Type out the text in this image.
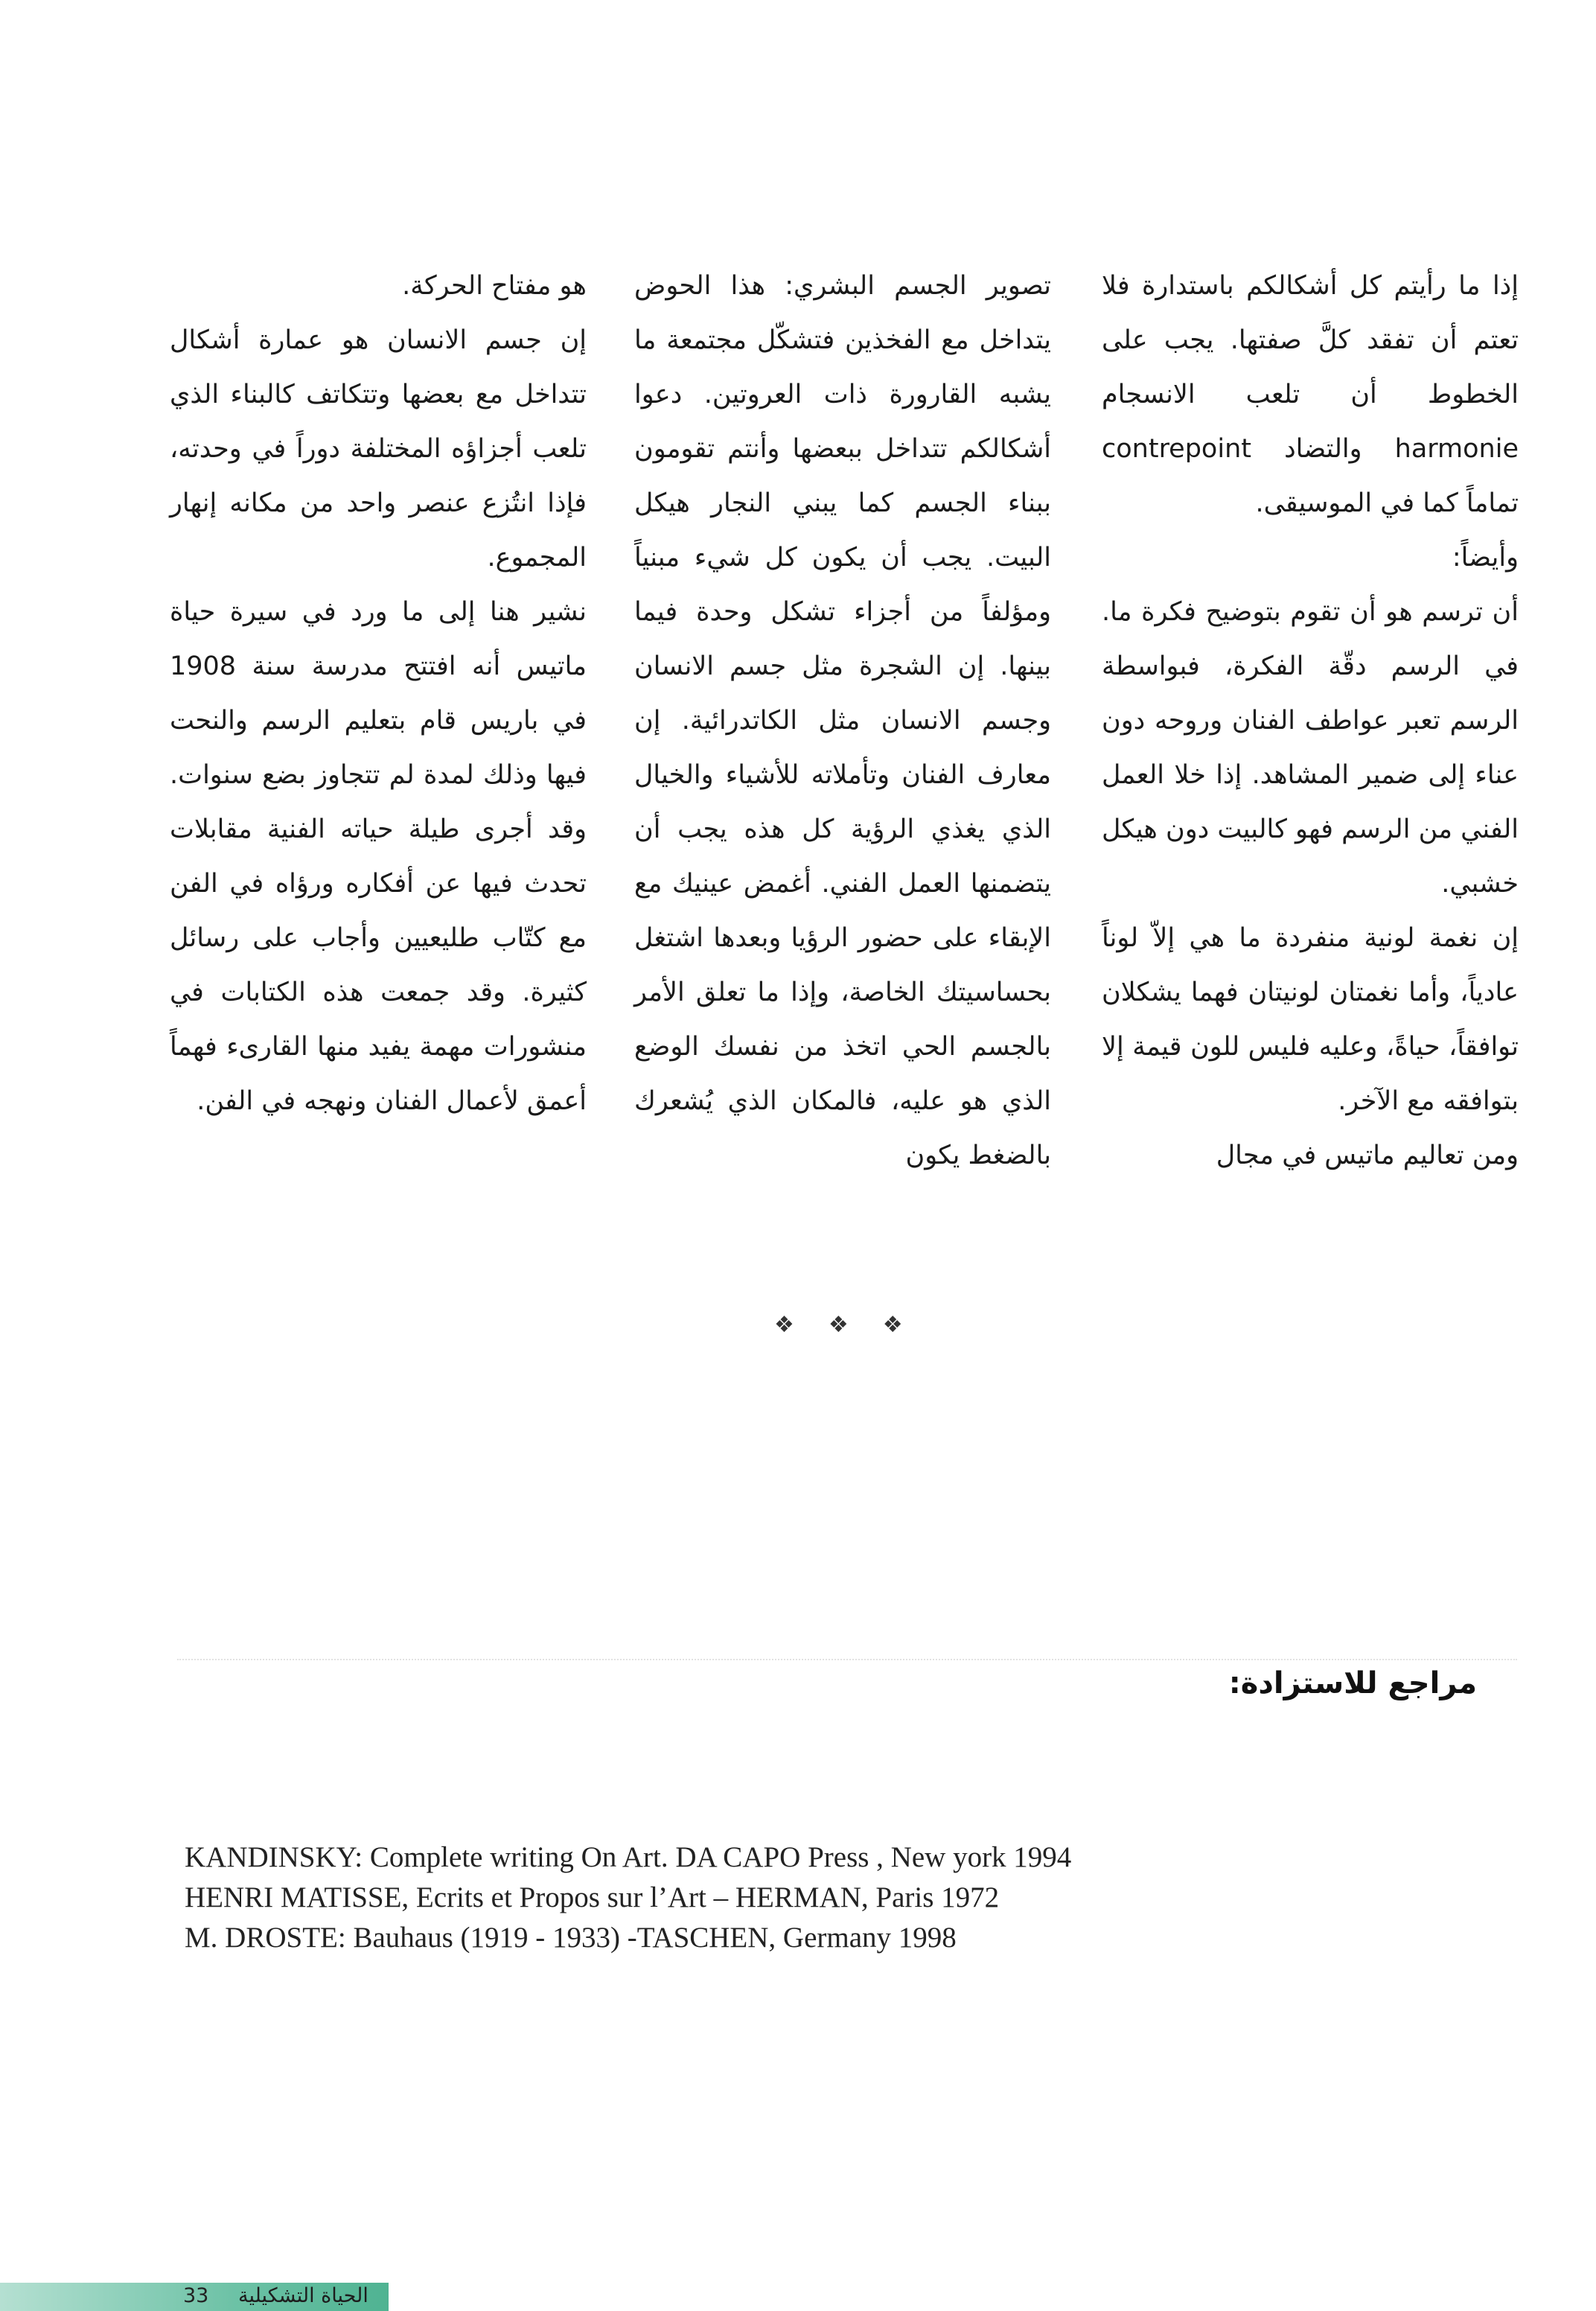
إذا ما رأيتم كل أشكالكم باستدارة فلا تعتم أن تفقد كلَّ صفتها. يجب على الخطوط أن تلعب الانسجام harmonie والتضاد contrepoint تماماً كما في الموسيقى.

وأيضاً:

أن ترسم هو أن تقوم بتوضيح فكرة ما. في الرسم دقّة الفكرة، فبواسطة الرسم تعبر عواطف الفنان وروحه دون عناء إلى ضمير المشاهد. إذا خلا العمل الفني من الرسم فهو كالبيت دون هيكل خشبي.

إن نغمة لونية منفردة ما هي إلاّ لوناً عادياً، وأما نغمتان لونيتان فهما يشكلان توافقاً، حياةً، وعليه فليس للون قيمة إلا بتوافقه مع الآخر.

ومن تعاليم ماتيس في مجال

تصوير الجسم البشري: هذا الحوض يتداخل مع الفخذين فتشكّل مجتمعة ما يشبه القارورة ذات العروتين. دعوا أشكالكم تتداخل ببعضها وأنتم تقومون ببناء الجسم كما يبني النجار هيكل البيت. يجب أن يكون كل شيء مبنياً ومؤلفاً من أجزاء تشكل وحدة فيما بينها. إن الشجرة مثل جسم الانسان وجسم الانسان مثل الكاتدرائية. إن معارف الفنان وتأملاته للأشياء والخيال الذي يغذي الرؤية كل هذه يجب أن يتضمنها العمل الفني. أغمض عينيك مع الإبقاء على حضور الرؤيا وبعدها اشتغل بحساسيتك الخاصة، وإذا ما تعلق الأمر بالجسم الحي اتخذ من نفسك الوضع الذي هو عليه، فالمكان الذي يُشعرك بالضغط يكون

هو مفتاح الحركة.

إن جسم الانسان هو عمارة أشكال تتداخل مع بعضها وتتكاتف كالبناء الذي تلعب أجزاؤه المختلفة دوراً في وحدته، فإذا انتُزع عنصر واحد من مكانه إنهار المجموع.

نشير هنا إلى ما ورد في سيرة حياة ماتيس أنه افتتح مدرسة سنة 1908 في باريس قام بتعليم الرسم والنحت فيها وذلك لمدة لم تتجاوز بضع سنوات. وقد أجرى طيلة حياته الفنية مقابلات تحدث فيها عن أفكاره ورؤاه في الفن مع كتّاب طليعيين وأجاب على رسائل كثيرة. وقد جمعت هذه الكتابات في منشورات مهمة يفيد منها القارىء فهماً أعمق لأعمال الفنان ونهجه في الفن.

❖❖❖
مراجع للاستزادة:
KANDINSKY: Complete writing On Art. DA CAPO Press , New york 1994
HENRI MATISSE, Ecrits et Propos sur l’Art – HERMAN, Paris 1972
M. DROSTE: Bauhaus (1919 - 1933) -TASCHEN, Germany 1998
33 الحياة التشكيلية
